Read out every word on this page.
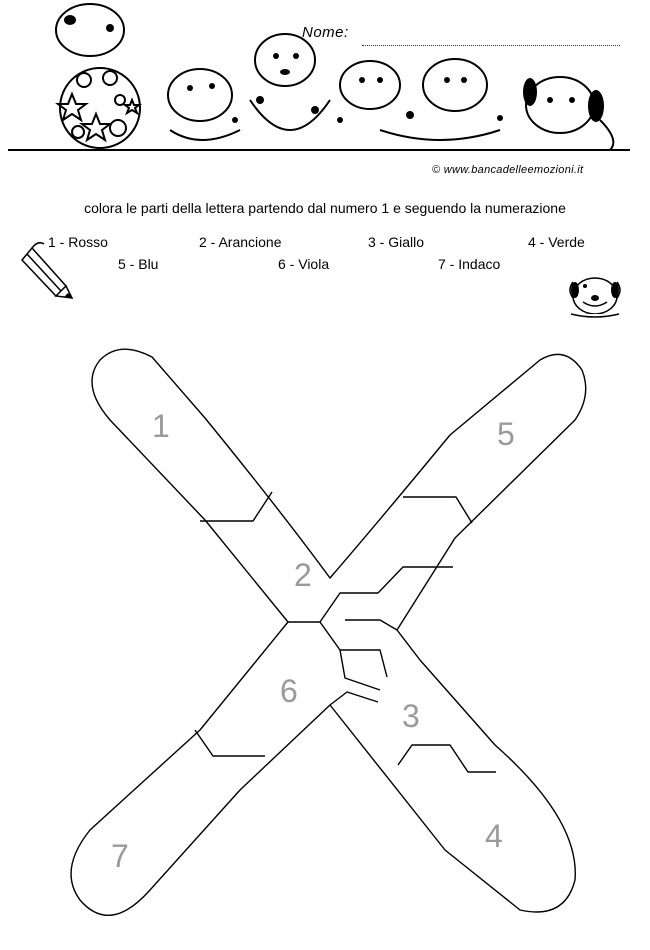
Nome:
© www.bancadelleemozioni.it
colora le parti della lettera partendo dal numero 1 e seguendo la numerazione
1 - Rosso	2 - Arancione	3 - Giallo	4 - Verde
5 - Blu	6 - Viola	7 - Indaco
1
2
3
4
5
6
7
